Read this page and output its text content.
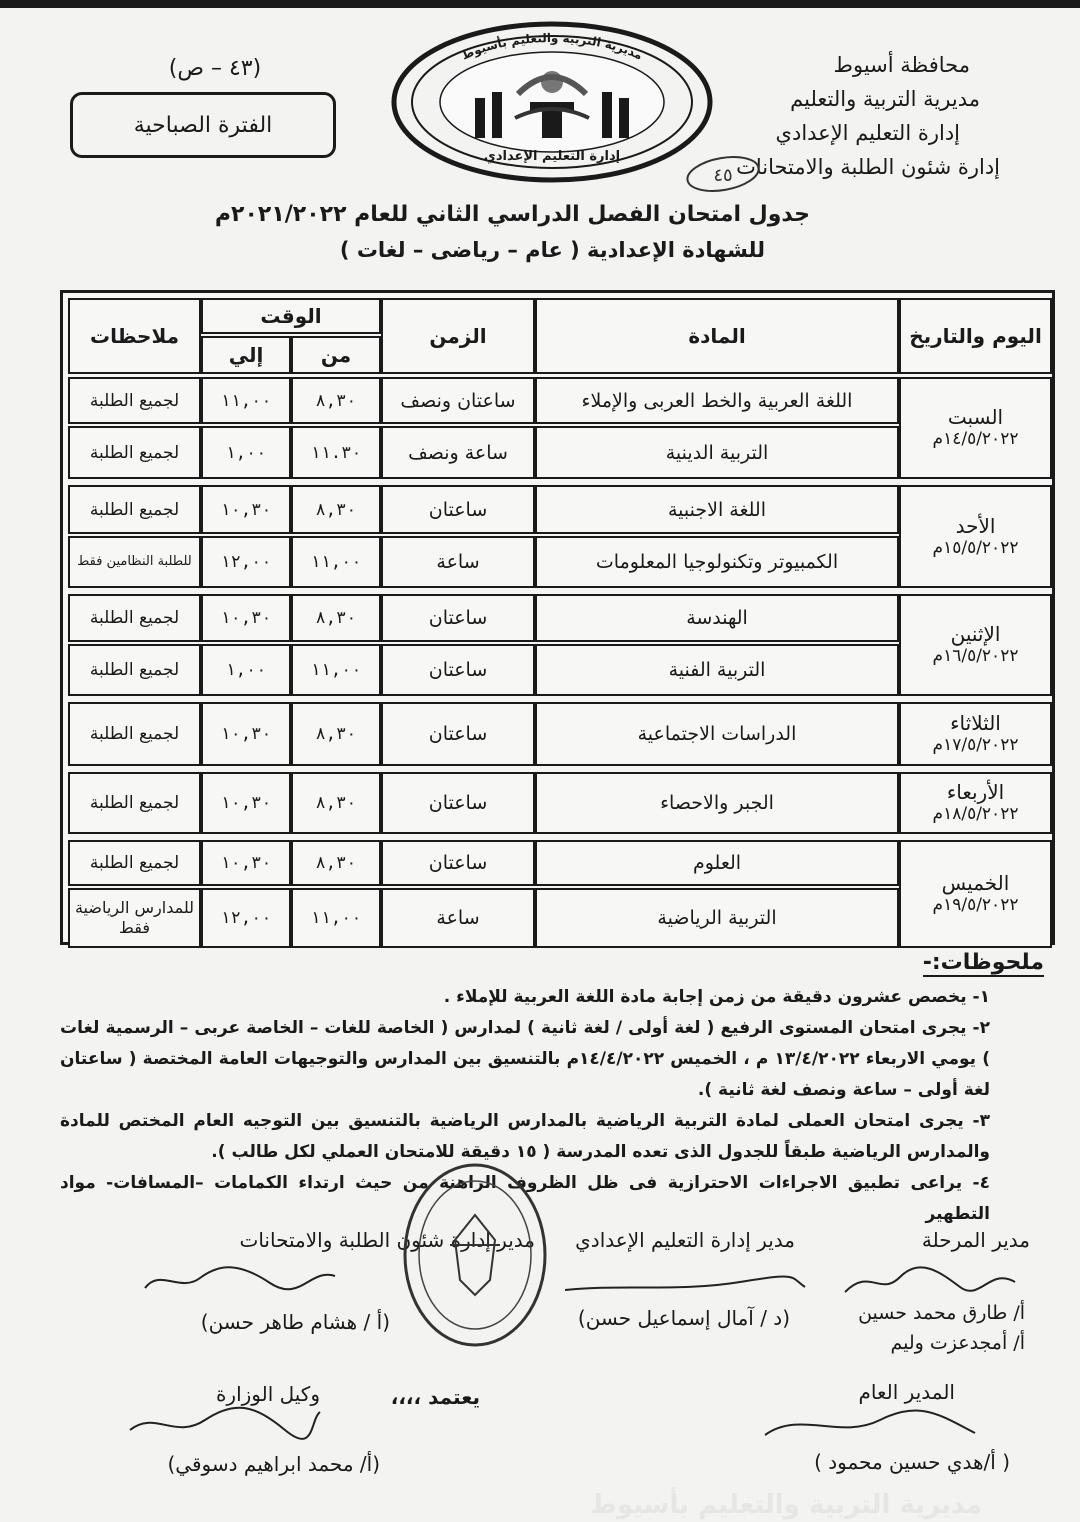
محافظة أسيوط
مديرية التربية والتعليم
إدارة التعليم الإعدادي
إدارة شئون الطلبة والامتحانات
(٤٣ – ص)
الفترة الصباحية
مديرية التربية والتعليم بأسيوط
إدارة التعليم الإعدادي
٤٥
جدول امتحان الفصل الدراسي الثاني للعام ٢٠٢١/٢٠٢٢م
للشهادة الإعدادية ( عام – رياضى – لغات )
اليوم والتاريخ
المادة
الزمن
الوقت
من
إلي
ملاحظات
السبت
١٤/٥/٢٠٢٢م
اللغة العربية والخط العربى والإملاء
ساعتان ونصف
٨,٣٠
١١,٠٠
لجميع الطلبة
التربية الدينية
ساعة ونصف
١١.٣٠
١,٠٠
لجميع الطلبة
الأحد
١٥/٥/٢٠٢٢م
اللغة الاجنبية
ساعتان
٨,٣٠
١٠,٣٠
لجميع الطلبة
الكمبيوتر وتكنولوجيا المعلومات
ساعة
١١,٠٠
١٢,٠٠
للطلبة النظامين فقط
الإثنين
١٦/٥/٢٠٢٢م
الهندسة
ساعتان
٨,٣٠
١٠,٣٠
لجميع الطلبة
التربية الفنية
ساعتان
١١,٠٠
١,٠٠
لجميع الطلبة
الثلاثاء
١٧/٥/٢٠٢٢م
الدراسات الاجتماعية
ساعتان
٨,٣٠
١٠,٣٠
لجميع الطلبة
الأربعاء
١٨/٥/٢٠٢٢م
الجبر والاحصاء
ساعتان
٨,٣٠
١٠,٣٠
لجميع الطلبة
الخميس
١٩/٥/٢٠٢٢م
العلوم
ساعتان
٨,٣٠
١٠,٣٠
لجميع الطلبة
التربية الرياضية
ساعة
١١,٠٠
١٢,٠٠
للمدارس الرياضية فقط
ملحوظات:-

١- يخصص عشرون دقيقة من زمن إجابة مادة اللغة العربية للإملاء .

٢- يجرى امتحان المستوى الرفيع ( لغة أولى / لغة ثانية ) لمدارس ( الخاصة للغات – الخاصة عربى – الرسمية لغات ) يومي الاربعاء ١٣/٤/٢٠٢٢ م ، الخميس ١٤/٤/٢٠٢٢م بالتنسيق بين المدارس والتوجيهات العامة المختصة ( ساعتان لغة أولى – ساعة ونصف لغة ثانية ).

٣- يجرى امتحان العملى لمادة التربية الرياضية بالمدارس الرياضية بالتنسيق بين التوجيه العام المختص للمادة والمدارس الرياضية طبقاً للجدول الذى تعده المدرسة ( ١٥ دقيقة للامتحان العملي لكل طالب ).

٤- يراعى تطبيق الاجراءات الاحترازية فى ظل الظروف الراهنة من حيث ارتداء الكمامات –المسافات- مواد التطهير

مدير المرحلة
مدير إدارة التعليم الإعدادي
مدير إدارة شئون الطلبة والامتحانات
أ/ طارق محمد حسين
أ/ أمجدعزت وليم
(د / آمال إسماعيل حسن)
(أ / هشام طاهر حسن)
المدير العام
( أ/هدي حسين محمود )
يعتمد ،،،،
وكيل الوزارة
(أ/ محمد ابراهيم دسوقي)
مديرية التربية والتعليم بأسيوط
